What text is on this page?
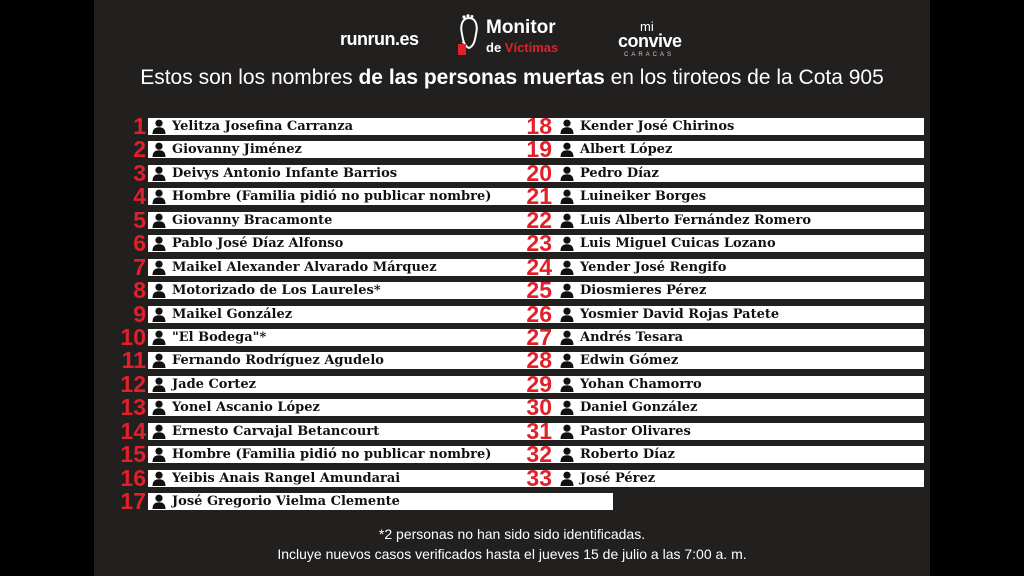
runrun.es
Monitor
de Víctimas
mi
convive
CARACAS
Estos son los nombres de las personas muertas en los tiroteos de la Cota 905
1 Yelitza Josefina Carranza
2 Giovanny Jiménez
3 Deivys Antonio Infante Barrios
4 Hombre (Familia pidió no publicar nombre)
5 Giovanny Bracamonte
6 Pablo José Díaz Alfonso
7 Maikel Alexander Alvarado Márquez
8 Motorizado de Los Laureles*
9 Maikel González
10 "El Bodega"*
11 Fernando Rodríguez Agudelo
12 Jade Cortez
13 Yonel Ascanio López
14 Ernesto Carvajal Betancourt
15 Hombre (Familia pidió no publicar nombre)
16 Yeibis Anais Rangel Amundarai
17 José Gregorio Vielma Clemente
18 Kender José Chirinos
19 Albert López
20 Pedro Díaz
21 Luineiker Borges
22 Luis Alberto Fernández Romero
23 Luis Miguel Cuicas Lozano
24 Yender José Rengifo
25 Diosmieres Pérez
26 Yosmier David Rojas Patete
27 Andrés Tesara
28 Edwin Gómez
29 Yohan Chamorro
30 Daniel González
31 Pastor Olivares
32 Roberto Díaz
33 José Pérez
*2 personas no han sido sido identificadas.
Incluye nuevos casos verificados hasta el jueves 15 de julio a las 7:00 a. m.
